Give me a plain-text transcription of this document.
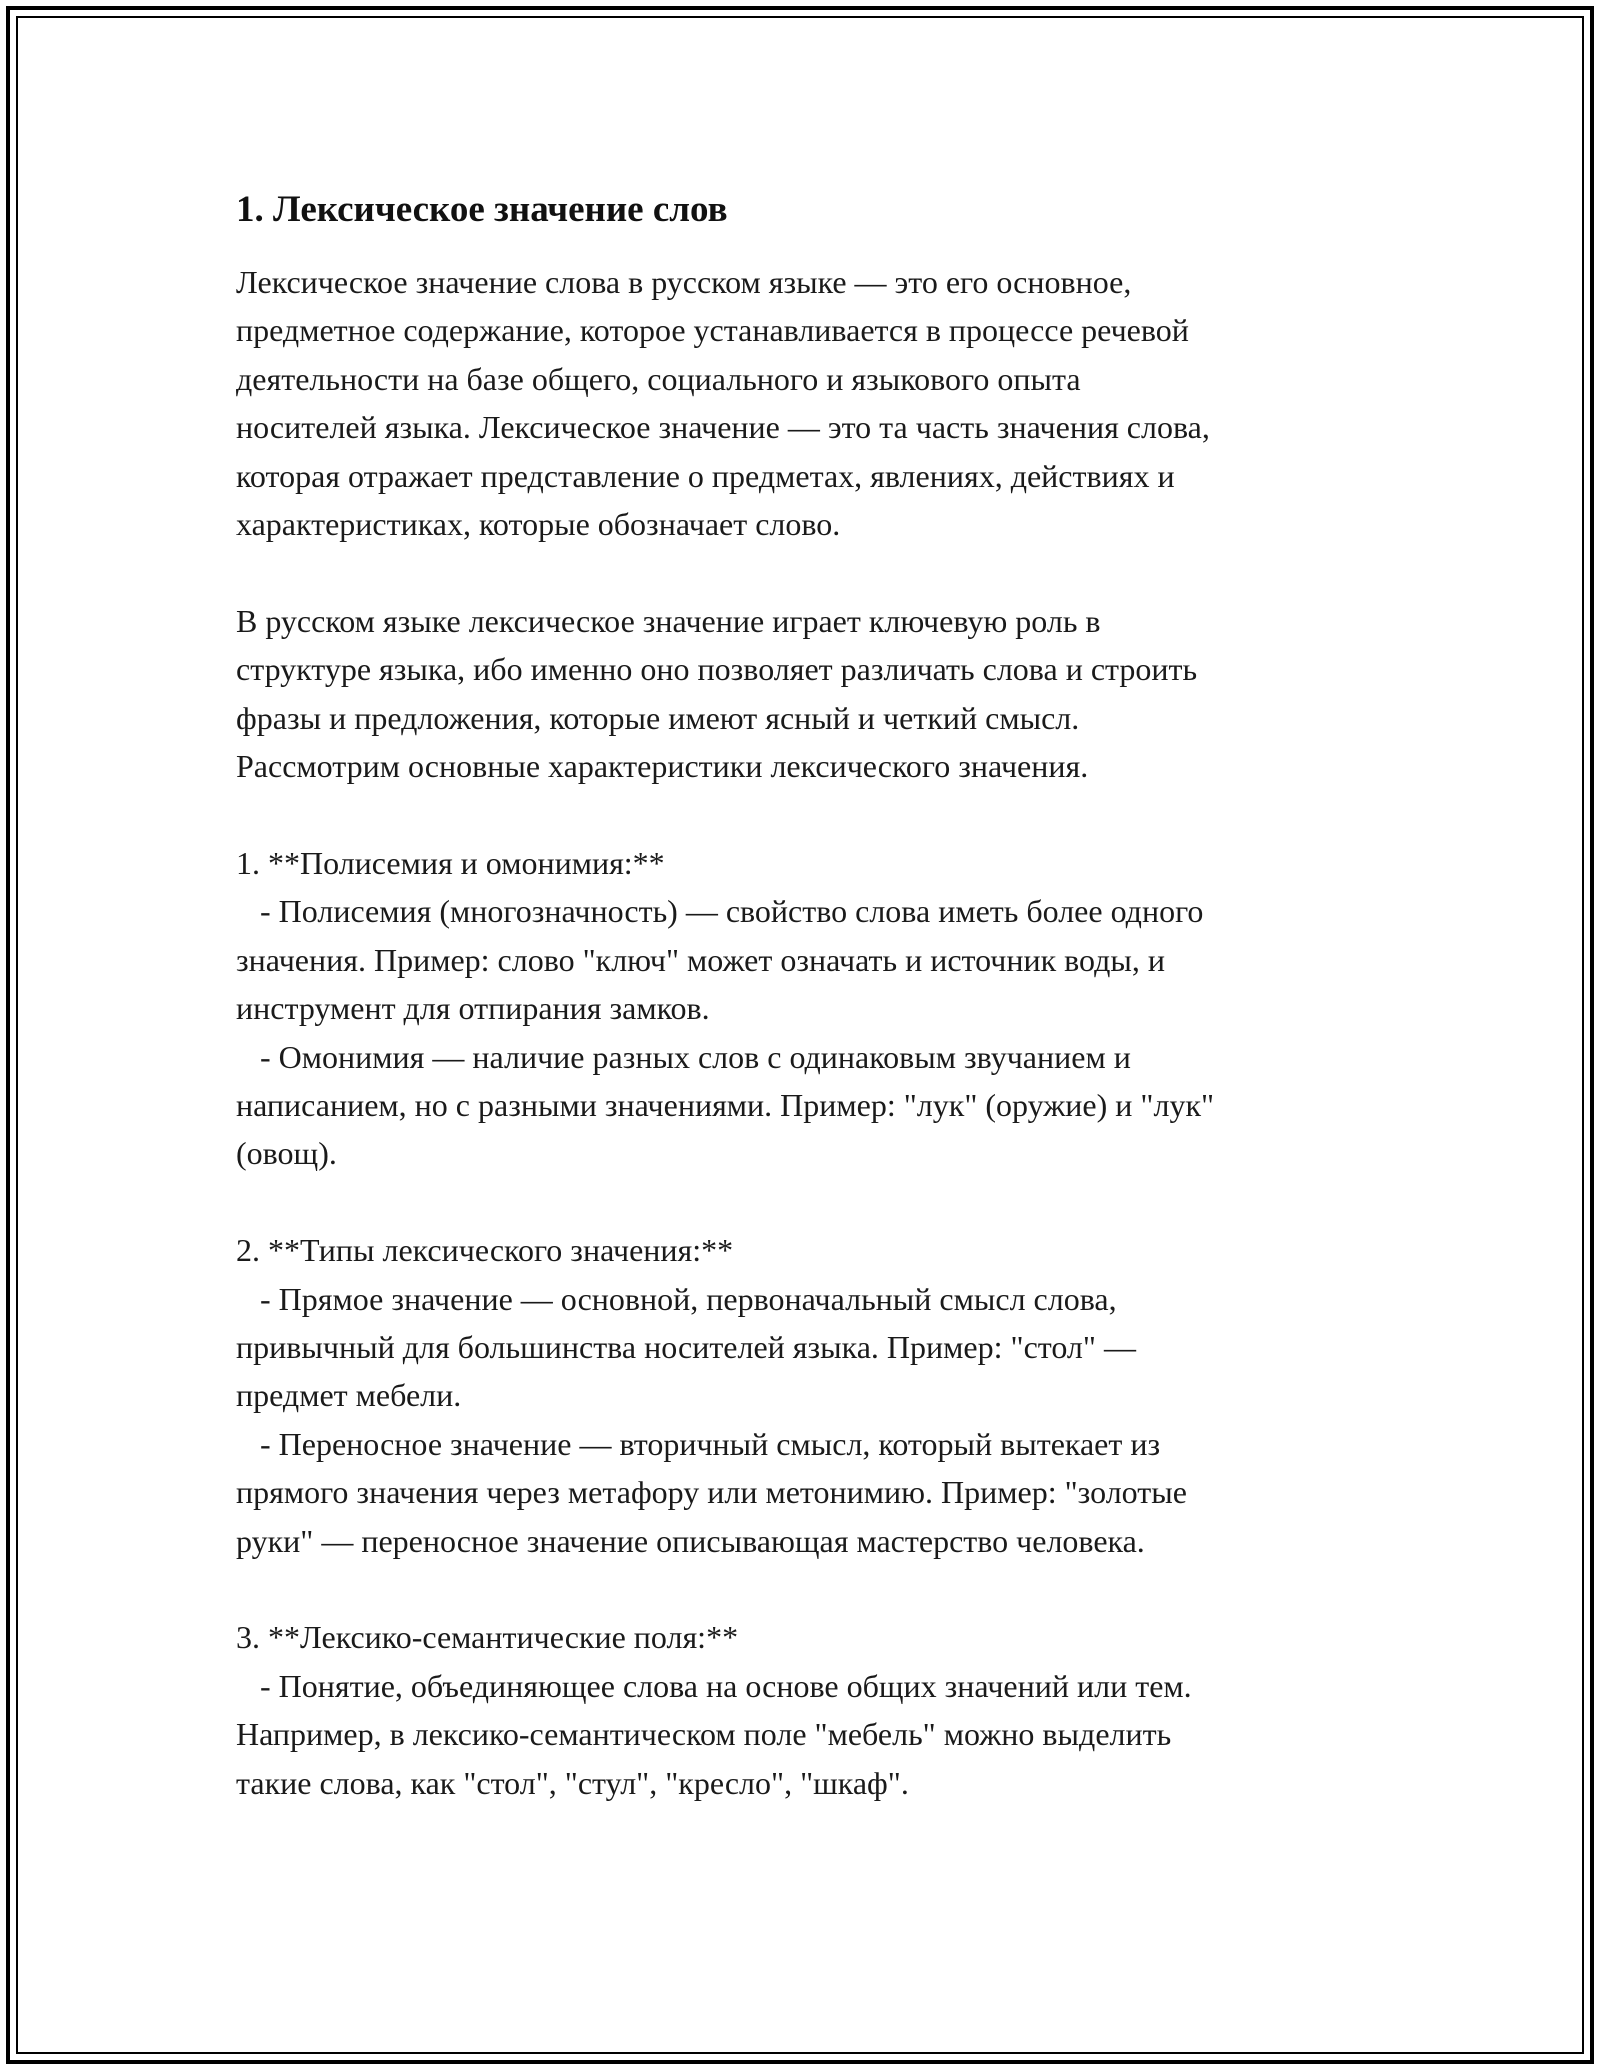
1. Лексическое значение слов

Лексическое значение слова в русском языке — это его основное,
предметное содержание, которое устанавливается в процессе речевой
деятельности на базе общего, социального и языкового опыта
носителей языка. Лексическое значение — это та часть значения слова,
которая отражает представление о предметах, явлениях, действиях и
характеристиках, которые обозначает слово.

В русском языке лексическое значение играет ключевую роль в
структуре языка, ибо именно оно позволяет различать слова и строить
фразы и предложения, которые имеют ясный и четкий смысл.
Рассмотрим основные характеристики лексического значения.

1. **Полисемия и омонимия:**
- Полисемия (многозначность) — свойство слова иметь более одного
значения. Пример: слово "ключ" может означать и источник воды, и
инструмент для отпирания замков.
- Омонимия — наличие разных слов с одинаковым звучанием и
написанием, но с разными значениями. Пример: "лук" (оружие) и "лук"
(овощ).

2. **Типы лексического значения:**
- Прямое значение — основной, первоначальный смысл слова,
привычный для большинства носителей языка. Пример: "стол" —
предмет мебели.
- Переносное значение — вторичный смысл, который вытекает из
прямого значения через метафору или метонимию. Пример: "золотые
руки" — переносное значение описывающая мастерство человека.

3. **Лексико-семантические поля:**
- Понятие, объединяющее слова на основе общих значений или тем.
Например, в лексико-семантическом поле "мебель" можно выделить
такие слова, как "стол", "стул", "кресло", "шкаф".
